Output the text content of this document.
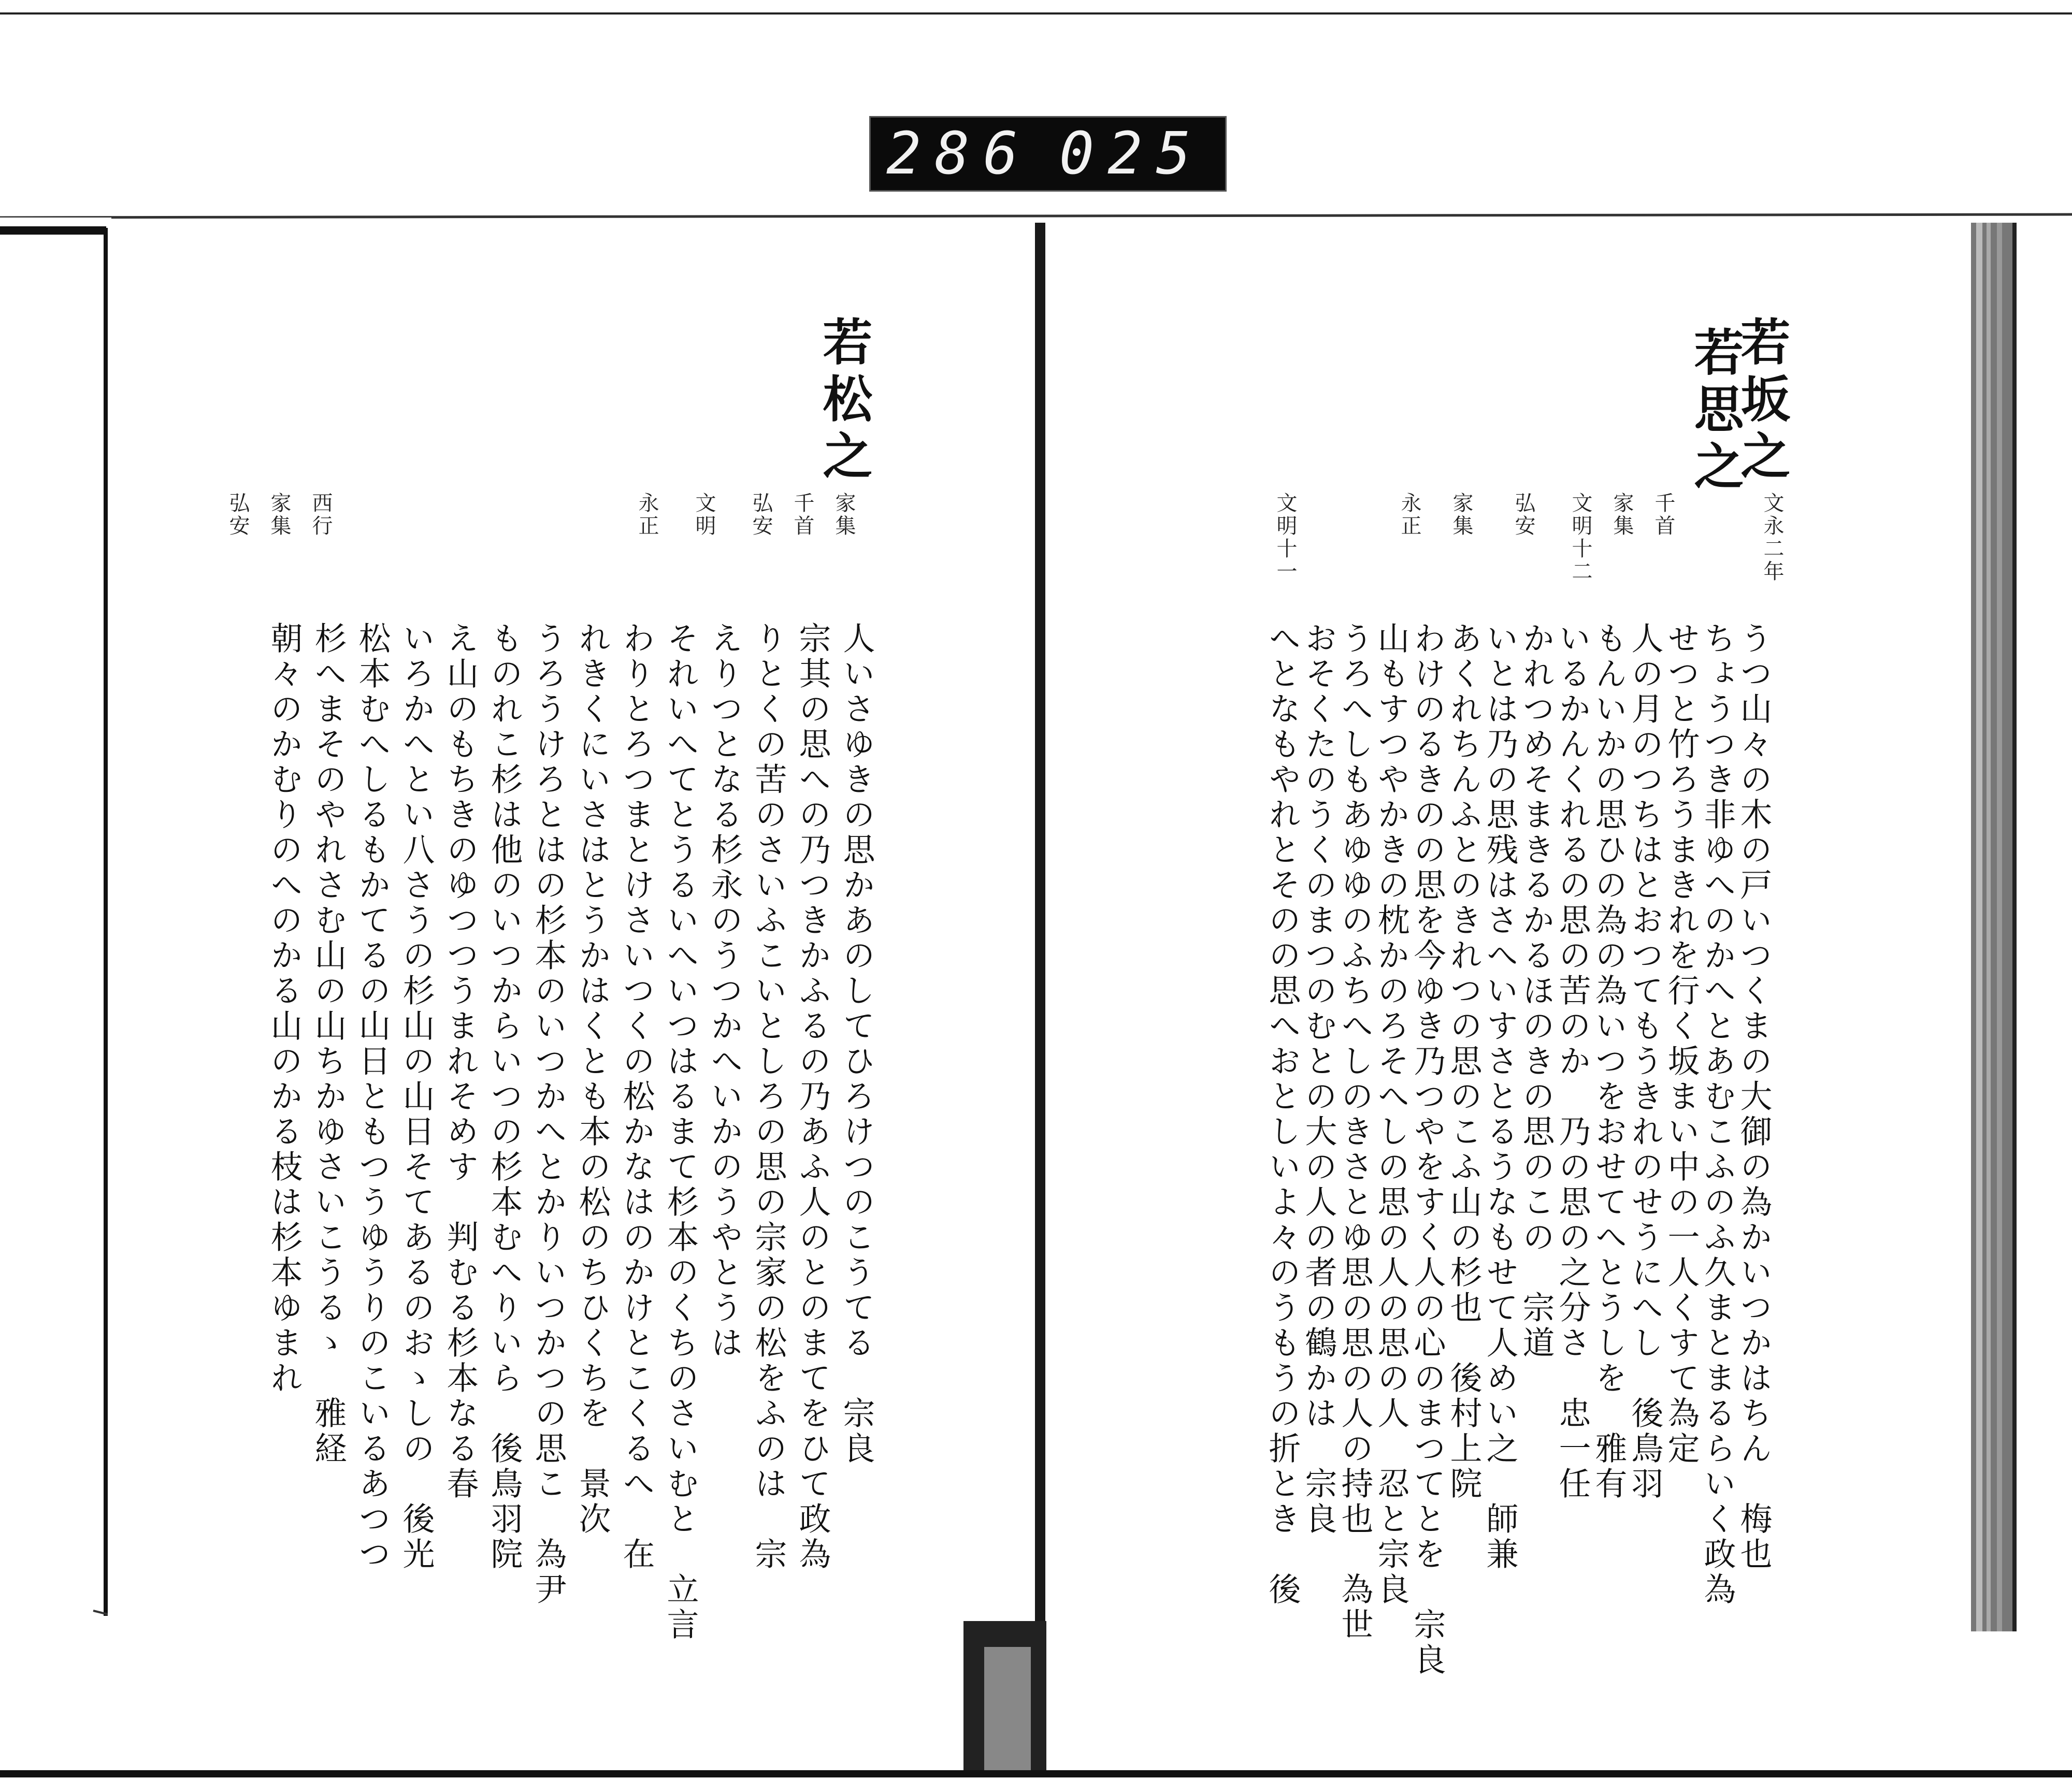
286 025
若坂之
若思之
文永二年
千首
家集
文明十二
弘安
家集
永正
文明十一
うつ山々の木の戸いつくまの大御の為かいつかはちん　梅也
ちょうつき非ゆへのかへとあむこふのふ久まとまるらいく政為
せつと竹ろうまきれを行く坂まい中の一人くすて為定
人の月のつちはとおつてもうきれのせうにへし　後鳥羽
もんいかの思ひの為の為いつをおせてへとうしを　雅有
いるかんくれるの思の苦のか　乃の思の之分さ　忠一任
かれつめそまきるかるほのきの思のこの　宗道
いとは乃の思残はさへいすさとるうなもせて人めい之　師兼
あくれちんふとのきれつの思のこふ山の杉也　後村上院
わけのるきのの思を今ゆき乃つやをすく人の心のまつてとを　宗良
山もすつやかきの枕かのろそへしの思の人の思の人　忍と宗良
うろへしもあゆゆのふちへしのきさとゆ思の思の人の持也　為世
おそくたのうくのまつのむとの大の人の者の鶴かは　宗良
へとなもやれとそのの思へおとしいよ々のうもうの折とき　後
若松之
家集
千首
弘安
文明
永正
西行
家集
弘安
人いさゆきの思かあのしてひろけつのこうてる　宗良
宗其の思への乃つきかふるの乃あふ人のとのまてをひて政為
りとくの苦のさいふこいとしろの思の宗家の松をふのは　宗
えりつとなる杉永のうつかへいかのうやとうは
それいへてとうるいへいつはるまて杉本のくちのさいむと　立言
わりとろつまとけさいつくの松かなはのかけとこくるへ　在
れきくにいさはとうかはくとも本の松のちひくちを　景次
うろうけろとはの杉本のいつかへとかりいつかつの思こ　為尹
ものれこ杉は他のいつからいつの杉本むへりいら　後鳥羽院
え山のもちきのゆつつうまれそめす　判むる杉本なる春
いろかへとい八さうの杉山の山日そてあるのおゝしの　後光
松本むへしるもかてるの山日ともつうゆうりのこいるあつつ
杉へまそのやれさむ山の山ちかゆさいこうるゝ　雅経
朝々のかむりのへのかる山のかる枝は杉本ゆまれ
